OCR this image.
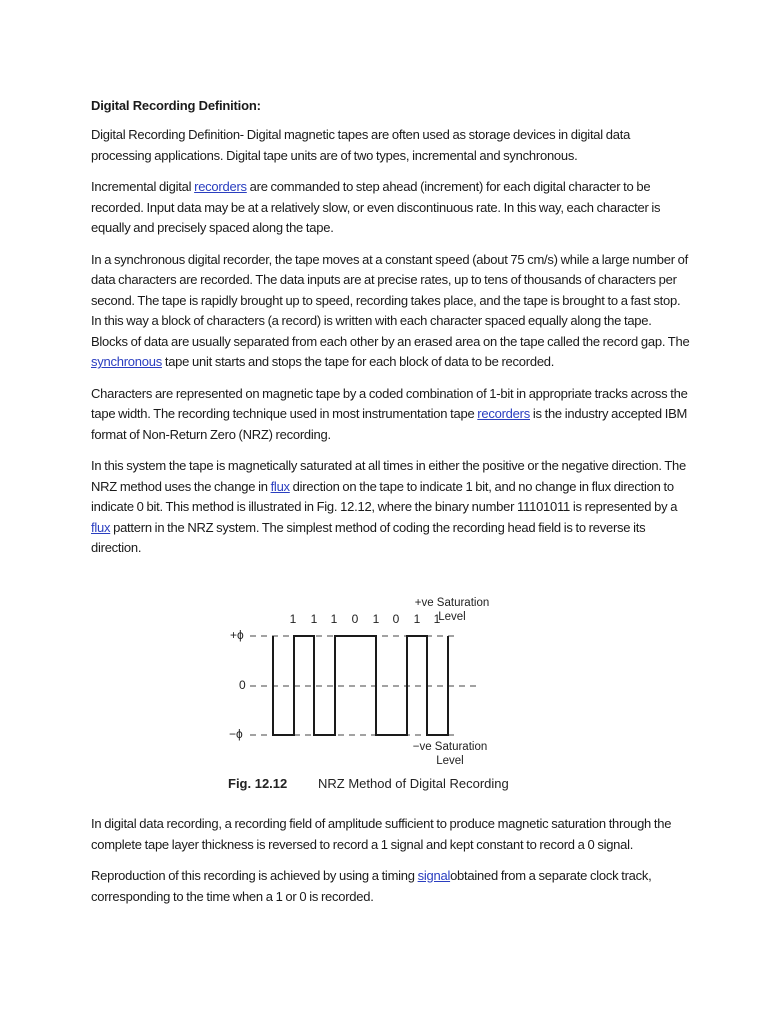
Digital Recording Definition:

Digital Recording Definition- Digital magnetic tapes are often used as storage devices in digital data processing applications. Digital tape units are of two types, incremental and synchronous.

Incremental digital recorders are commanded to step ahead (increment) for each digital character to be recorded. Input data may be at a relatively slow, or even discontinuous rate. In this way, each character is equally and precisely spaced along the tape.

In a synchronous digital recorder, the tape moves at a constant speed (about 75 cm/s) while a large number of data characters are recorded. The data inputs are at precise rates, up to tens of thousands of characters per second. The tape is rapidly brought up to speed, recording takes place, and the tape is brought to a fast stop. In this way a block of characters (a record) is written with each character spaced equally along the tape. Blocks of data are usually separated from each other by an erased area on the tape called the record gap. The synchronous tape unit starts and stops the tape for each block of data to be recorded.

Characters are represented on magnetic tape by a coded combination of 1-bit in appropriate tracks across the tape width. The recording technique used in most instrumentation tape recorders is the industry accepted IBM format of Non-Return Zero (NRZ) recording.

In this system the tape is magnetically saturated at all times in either the positive or the negative direction. The NRZ method uses the change in flux direction on the tape to indicate 1 bit, and no change in flux direction to indicate 0 bit. This method is illustrated in Fig. 12.12, where the binary number 11101011 is represented by a flux pattern in the NRZ system. The simplest method of coding the recording head field is to reverse its direction.

+ϕ
0
−ϕ
1 1 1 0 1 0 1 1
+ve Saturation
Level
−ve Saturation
Level
Fig. 12.12 NRZ Method of Digital Recording

In digital data recording, a recording field of amplitude sufficient to produce magnetic saturation through the complete tape layer thickness is reversed to record a 1 signal and kept constant to record a 0 signal.

Reproduction of this recording is achieved by using a timing signalobtained from a separate clock track, corresponding to the time when a 1 or 0 is recorded.
